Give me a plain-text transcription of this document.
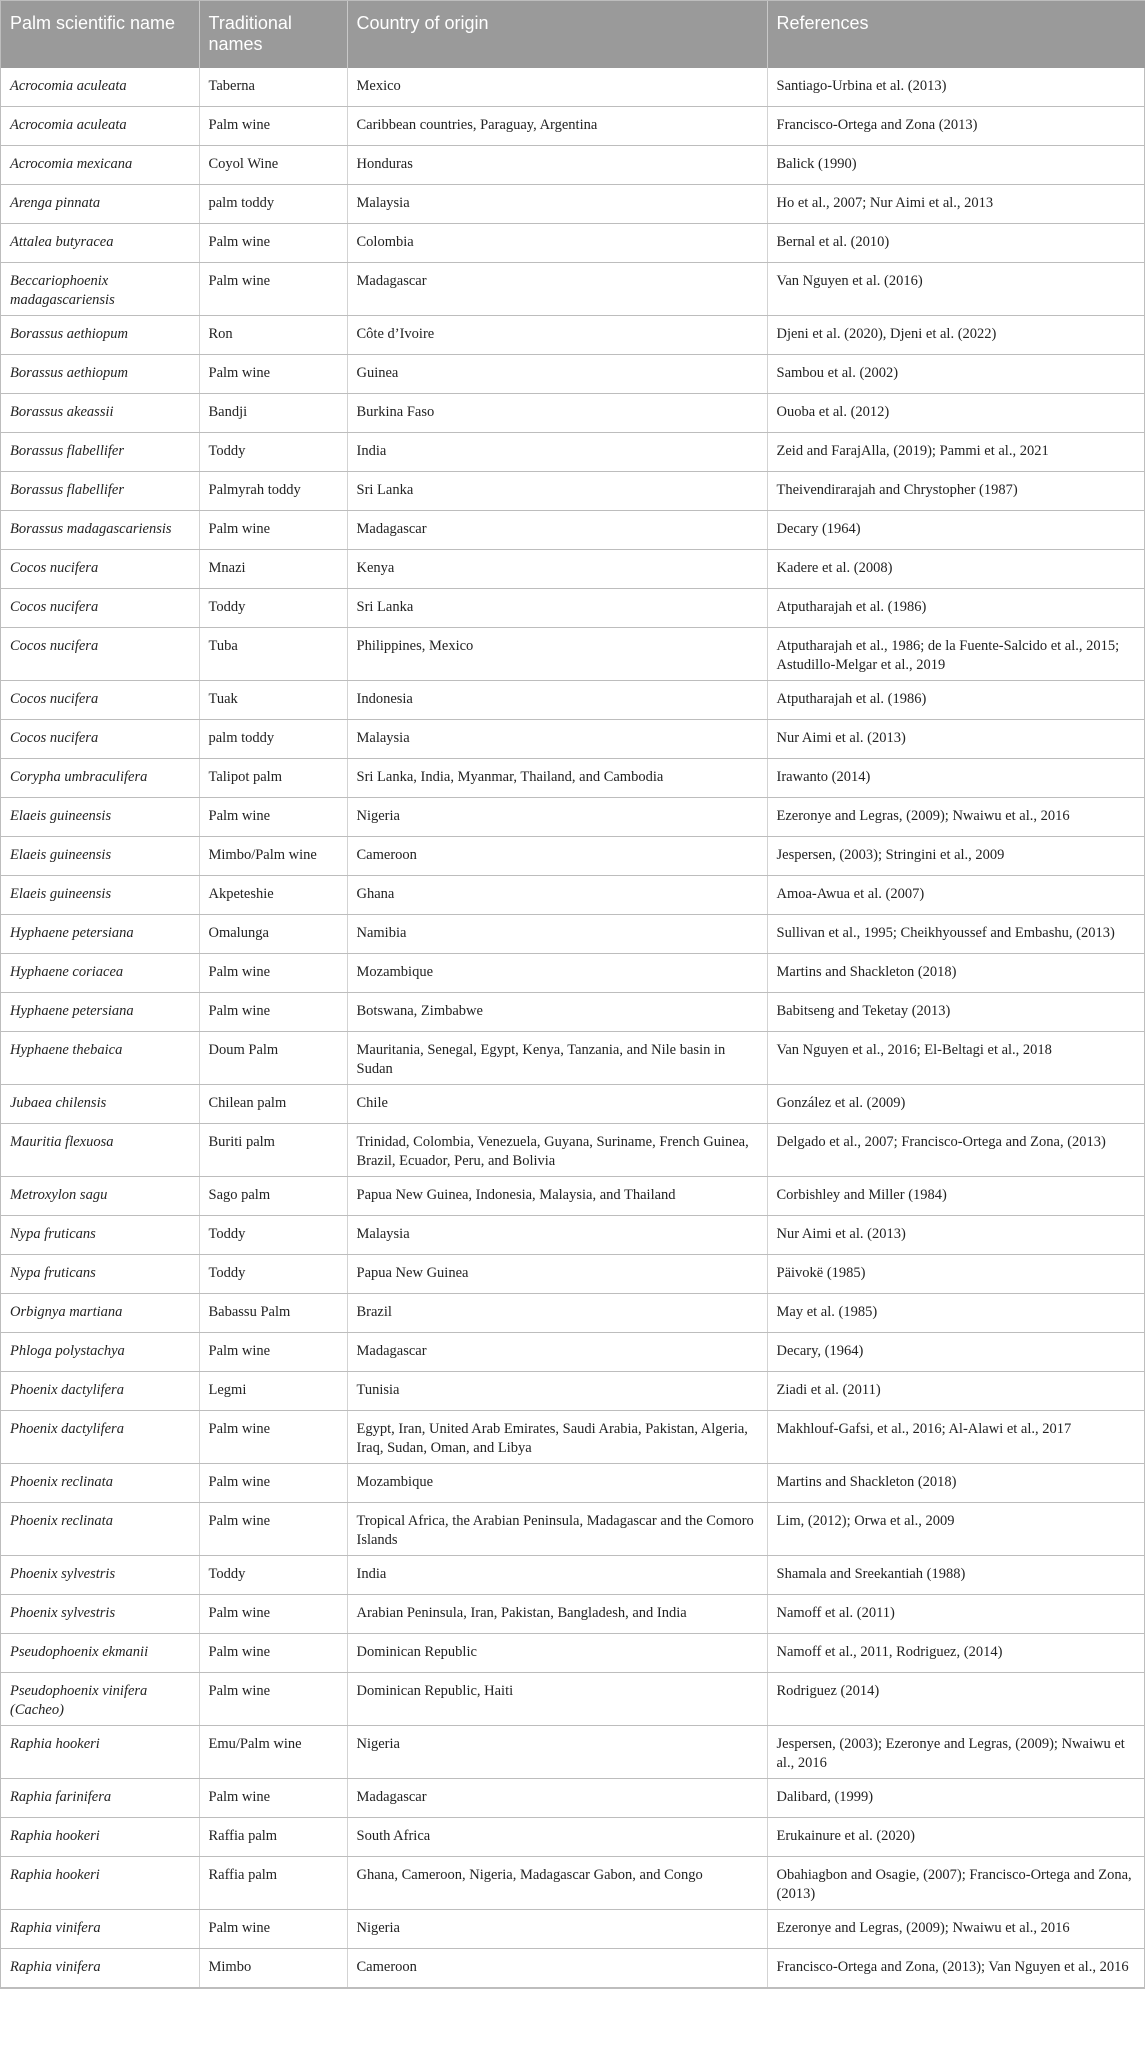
Palm scientific name	Traditional names	Country of origin	References
Acrocomia aculeata	Taberna	Mexico	Santiago-Urbina et al. (2013)
Acrocomia aculeata	Palm wine	Caribbean countries, Paraguay, Argentina	Francisco-Ortega and Zona (2013)
Acrocomia mexicana	Coyol Wine	Honduras	Balick (1990)
Arenga pinnata	palm toddy	Malaysia	Ho et al., 2007; Nur Aimi et al., 2013
Attalea butyracea	Palm wine	Colombia	Bernal et al. (2010)
Beccariophoenix madagascariensis	Palm wine	Madagascar	Van Nguyen et al. (2016)
Borassus aethiopum	Ron	Côte d’Ivoire	Djeni et al. (2020), Djeni et al. (2022)
Borassus aethiopum	Palm wine	Guinea	Sambou et al. (2002)
Borassus akeassii	Bandji	Burkina Faso	Ouoba et al. (2012)
Borassus flabellifer	Toddy	India	Zeid and FarajAlla, (2019); Pammi et al., 2021
Borassus flabellifer	Palmyrah toddy	Sri Lanka	Theivendirarajah and Chrystopher (1987)
Borassus madagascariensis	Palm wine	Madagascar	Decary (1964)
Cocos nucifera	Mnazi	Kenya	Kadere et al. (2008)
Cocos nucifera	Toddy	Sri Lanka	Atputharajah et al. (1986)
Cocos nucifera	Tuba	Philippines, Mexico	Atputharajah et al., 1986; de la Fuente-Salcido et al., 2015; Astudillo-Melgar et al., 2019
Cocos nucifera	Tuak	Indonesia	Atputharajah et al. (1986)
Cocos nucifera	palm toddy	Malaysia	Nur Aimi et al. (2013)
Corypha umbraculifera	Talipot palm	Sri Lanka, India, Myanmar, Thailand, and Cambodia	Irawanto (2014)
Elaeis guineensis	Palm wine	Nigeria	Ezeronye and Legras, (2009); Nwaiwu et al., 2016
Elaeis guineensis	Mimbo/Palm wine	Cameroon	Jespersen, (2003); Stringini et al., 2009
Elaeis guineensis	Akpeteshie	Ghana	Amoa-Awua et al. (2007)
Hyphaene petersiana	Omalunga	Namibia	Sullivan et al., 1995; Cheikhyoussef and Embashu, (2013)
Hyphaene coriacea	Palm wine	Mozambique	Martins and Shackleton (2018)
Hyphaene petersiana	Palm wine	Botswana, Zimbabwe	Babitseng and Teketay (2013)
Hyphaene thebaica	Doum Palm	Mauritania, Senegal, Egypt, Kenya, Tanzania, and Nile basin in Sudan	Van Nguyen et al., 2016; El-Beltagi et al., 2018
Jubaea chilensis	Chilean palm	Chile	González et al. (2009)
Mauritia flexuosa	Buriti palm	Trinidad, Colombia, Venezuela, Guyana, Suriname, French Guinea, Brazil, Ecuador, Peru, and Bolivia	Delgado et al., 2007; Francisco-Ortega and Zona, (2013)
Metroxylon sagu	Sago palm	Papua New Guinea, Indonesia, Malaysia, and Thailand	Corbishley and Miller (1984)
Nypa fruticans	Toddy	Malaysia	Nur Aimi et al. (2013)
Nypa fruticans	Toddy	Papua New Guinea	Päivokë (1985)
Orbignya martiana	Babassu Palm	Brazil	May et al. (1985)
Phloga polystachya	Palm wine	Madagascar	Decary, (1964)
Phoenix dactylifera	Legmi	Tunisia	Ziadi et al. (2011)
Phoenix dactylifera	Palm wine	Egypt, Iran, United Arab Emirates, Saudi Arabia, Pakistan, Algeria, Iraq, Sudan, Oman, and Libya	Makhlouf-Gafsi, et al., 2016; Al-Alawi et al., 2017
Phoenix reclinata	Palm wine	Mozambique	Martins and Shackleton (2018)
Phoenix reclinata	Palm wine	Tropical Africa, the Arabian Peninsula, Madagascar and the Comoro Islands	Lim, (2012); Orwa et al., 2009
Phoenix sylvestris	Toddy	India	Shamala and Sreekantiah (1988)
Phoenix sylvestris	Palm wine	Arabian Peninsula, Iran, Pakistan, Bangladesh, and India	Namoff et al. (2011)
Pseudophoenix ekmanii	Palm wine	Dominican Republic	Namoff et al., 2011, Rodriguez, (2014)
Pseudophoenix vinifera (Cacheo)	Palm wine	Dominican Republic, Haiti	Rodriguez (2014)
Raphia hookeri	Emu/Palm wine	Nigeria	Jespersen, (2003); Ezeronye and Legras, (2009); Nwaiwu et al., 2016
Raphia farinifera	Palm wine	Madagascar	Dalibard, (1999)
Raphia hookeri	Raffia palm	South Africa	Erukainure et al. (2020)
Raphia hookeri	Raffia palm	Ghana, Cameroon, Nigeria, Madagascar Gabon, and Congo	Obahiagbon and Osagie, (2007); Francisco-Ortega and Zona, (2013)
Raphia vinifera	Palm wine	Nigeria	Ezeronye and Legras, (2009); Nwaiwu et al., 2016
Raphia vinifera	Mimbo	Cameroon	Francisco-Ortega and Zona, (2013); Van Nguyen et al., 2016
